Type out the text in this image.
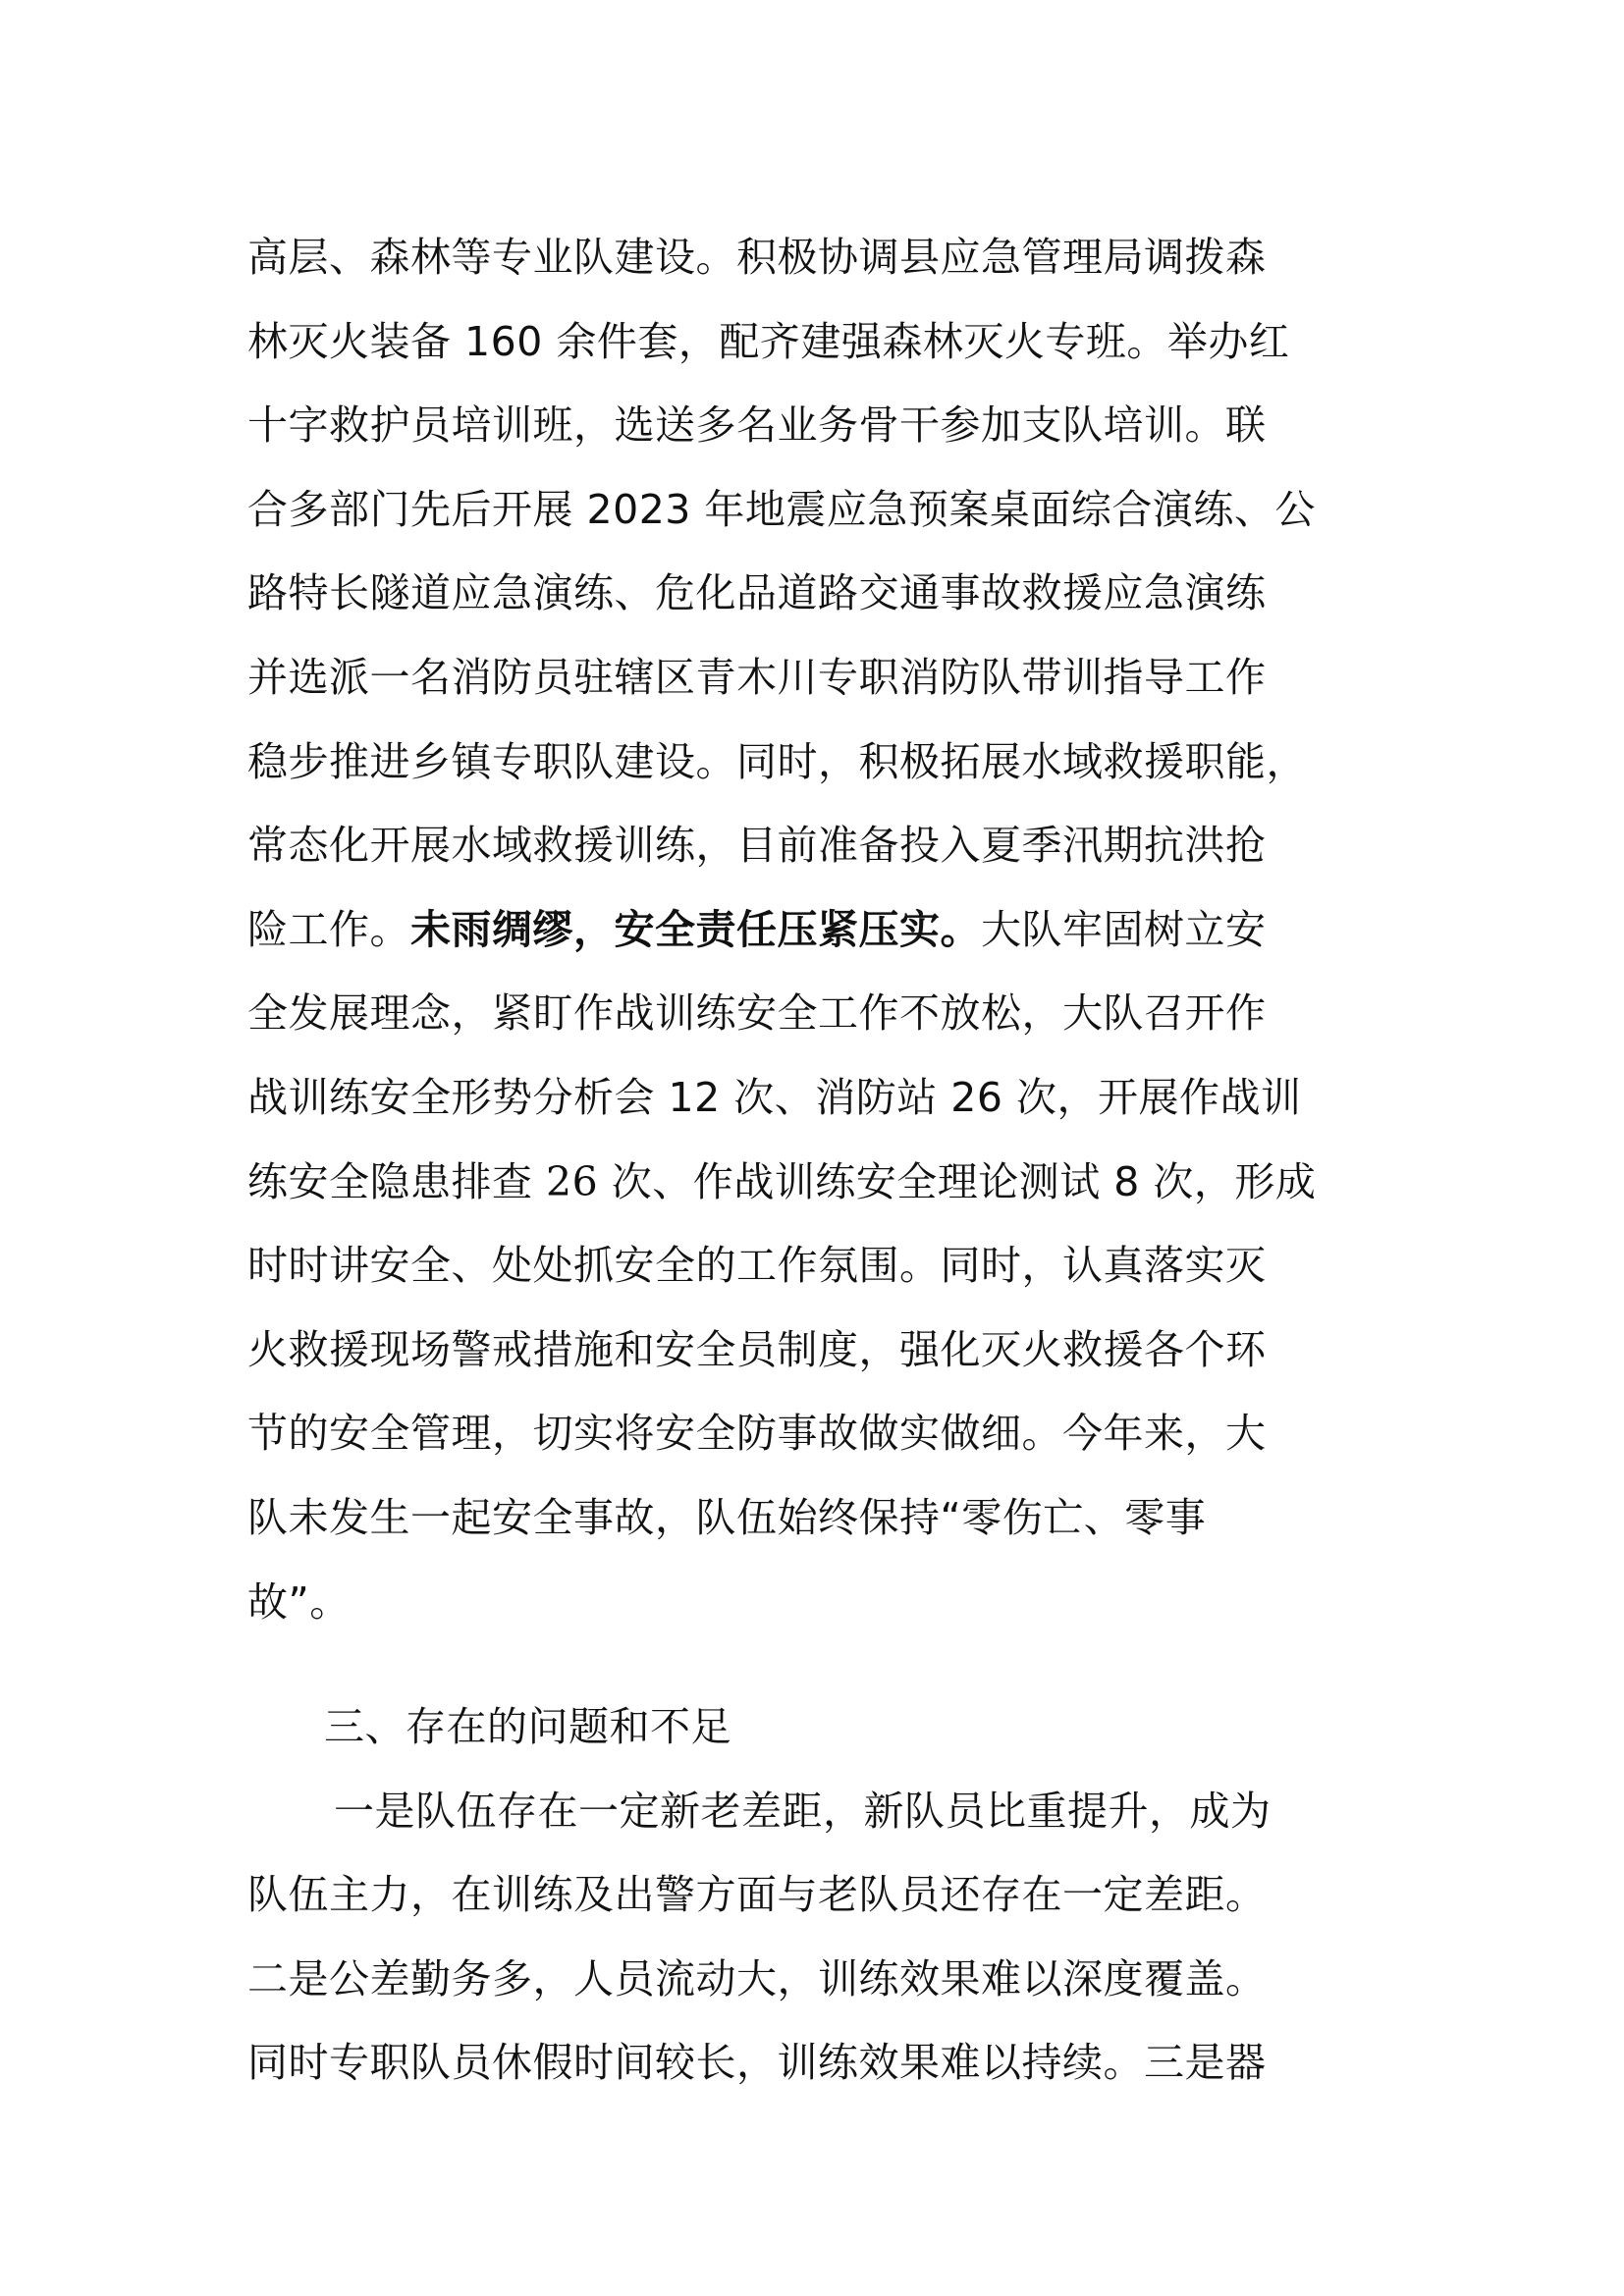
高层、森林等专业队建设。积极协调县应急管理局调拨森
林灭火装备 160 余件套，配齐建强森林灭火专班。举办红
十字救护员培训班，选送多名业务骨干参加支队培训。联
合多部门先后开展 2023 年地震应急预案桌面综合演练、公
路特长隧道应急演练、危化品道路交通事故救援应急演练
并选派一名消防员驻辖区青木川专职消防队带训指导工作
稳步推进乡镇专职队建设。同时，积极拓展水域救援职能，
常态化开展水域救援训练，目前准备投入夏季汛期抗洪抢
险工作。未雨绸缪，安全责任压紧压实。大队牢固树立安
全发展理念，紧盯作战训练安全工作不放松，大队召开作
战训练安全形势分析会 12 次、消防站 26 次，开展作战训
练安全隐患排查 26 次、作战训练安全理论测试 8 次，形成
时时讲安全、处处抓安全的工作氛围。同时，认真落实灭
火救援现场警戒措施和安全员制度，强化灭火救援各个环
节的安全管理，切实将安全防事故做实做细。今年来，大
队未发生一起安全事故，队伍始终保持“零伤亡、零事
故”。
三、存在的问题和不足
一是队伍存在一定新老差距，新队员比重提升，成为
队伍主力，在训练及出警方面与老队员还存在一定差距。
二是公差勤务多，人员流动大，训练效果难以深度覆盖。
同时专职队员休假时间较长，训练效果难以持续。三是器
